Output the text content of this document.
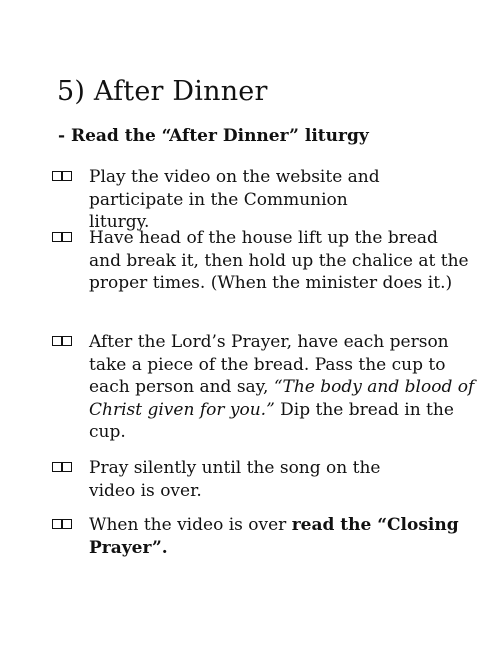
5) After Dinner
- Read the “After Dinner” liturgy
Play the video on the website and participate in the Communion liturgy.
Have head of the house lift up the bread and break it, then hold up the chalice at the proper times. (When the minister does it.)
After the Lord’s Prayer, have each person take a piece of the bread. Pass the cup to each person and say, “The body and blood of Christ given for you.” Dip the bread in the cup.
Pray silently until the song on the video is over.
When the video is over read the “Closing Prayer”.
